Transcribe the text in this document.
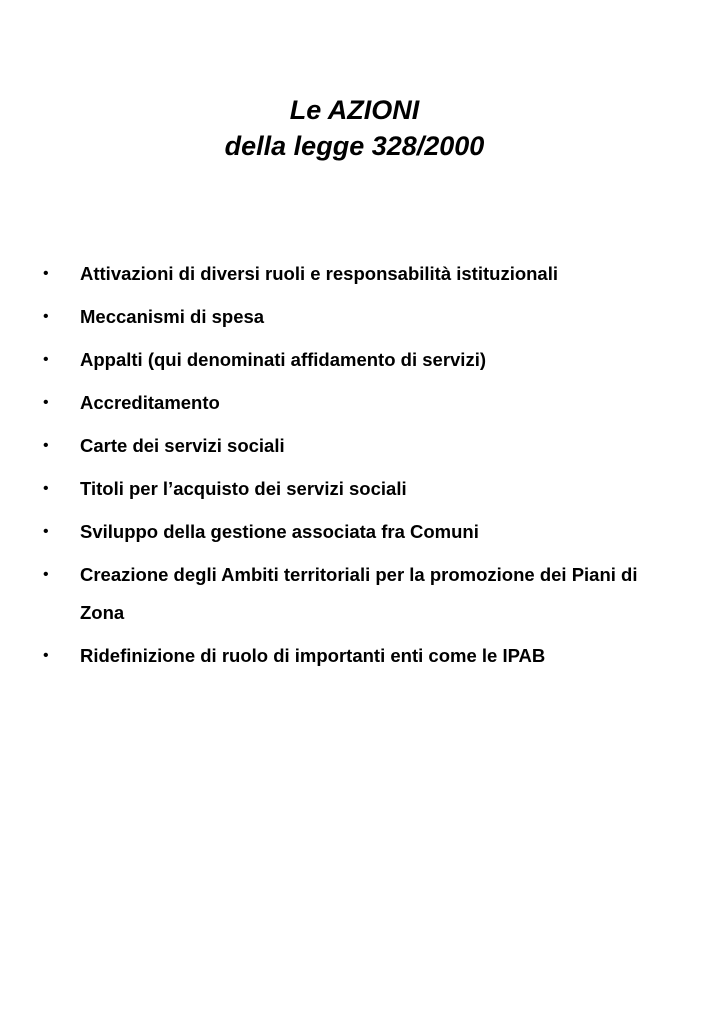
Le AZIONI
della legge 328/2000
• Attivazioni di diversi ruoli e responsabilità istituzionali
• Meccanismi di spesa
• Appalti (qui denominati affidamento di servizi)
• Accreditamento
• Carte dei servizi sociali
• Titoli per l’acquisto dei servizi sociali
• Sviluppo della gestione associata fra Comuni
• Creazione degli Ambiti territoriali per la promozione dei Piani di Zona
• Ridefinizione di ruolo di importanti enti come le IPAB
